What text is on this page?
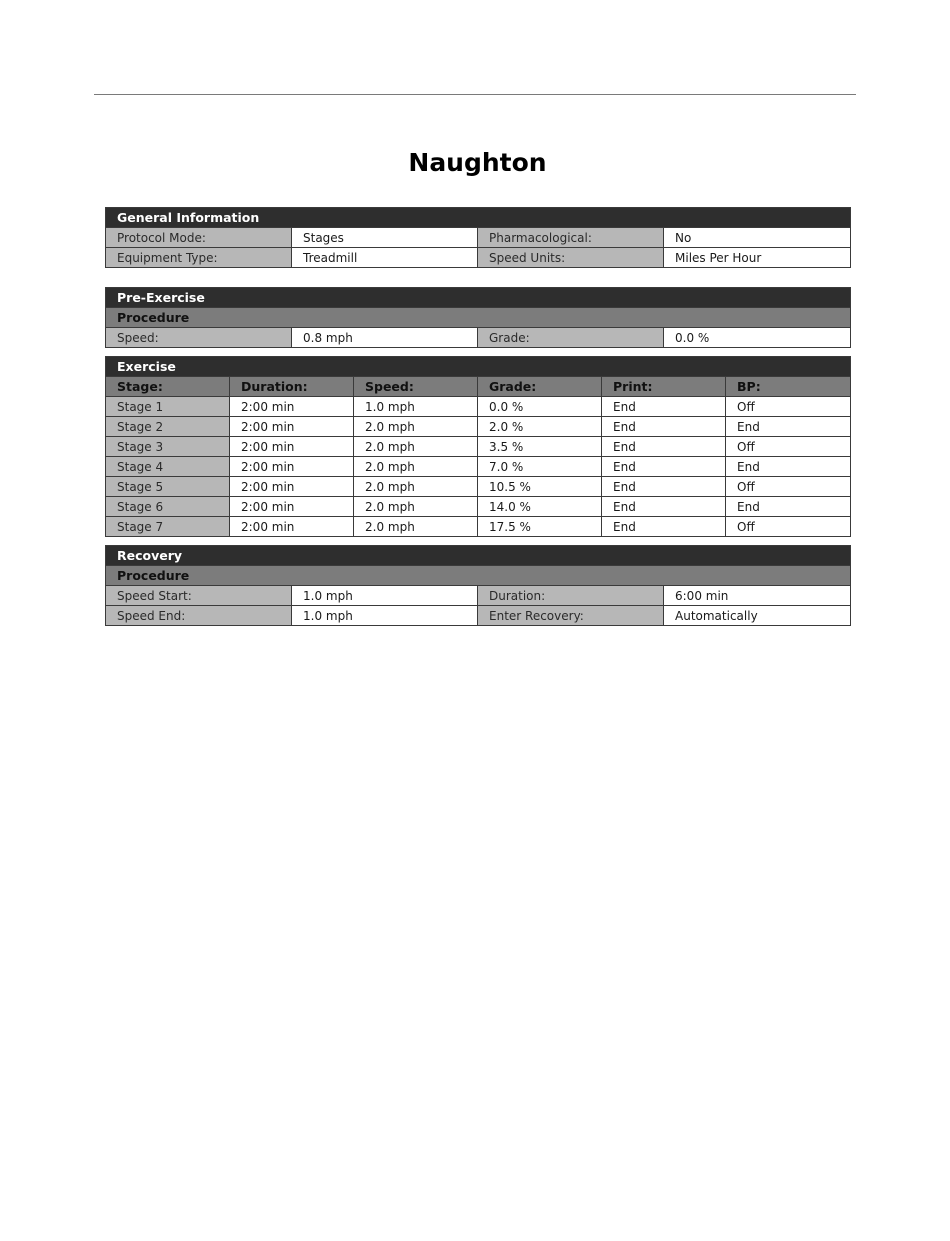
Naughton
General Information			
Protocol Mode:	Stages	Pharmacological:	No
Equipment Type:	Treadmill	Speed Units:	Miles Per Hour
Pre-Exercise
Procedure
Speed:	0.8 mph	Grade:	0.0 %
Exercise					
Stage:	Duration:	Speed:	Grade:	Print:	BP:
Stage 1	2:00 min	1.0 mph	0.0 %	End	Off
Stage 2	2:00 min	2.0 mph	2.0 %	End	End
Stage 3	2:00 min	2.0 mph	3.5 %	End	Off
Stage 4	2:00 min	2.0 mph	7.0 %	End	End
Stage 5	2:00 min	2.0 mph	10.5 %	End	Off
Stage 6	2:00 min	2.0 mph	14.0 %	End	End
Stage 7	2:00 min	2.0 mph	17.5 %	End	Off
Recovery			
Procedure			
Speed Start:	1.0 mph	Duration:	6:00 min
Speed End:	1.0 mph	Enter Recovery:	Automatically
